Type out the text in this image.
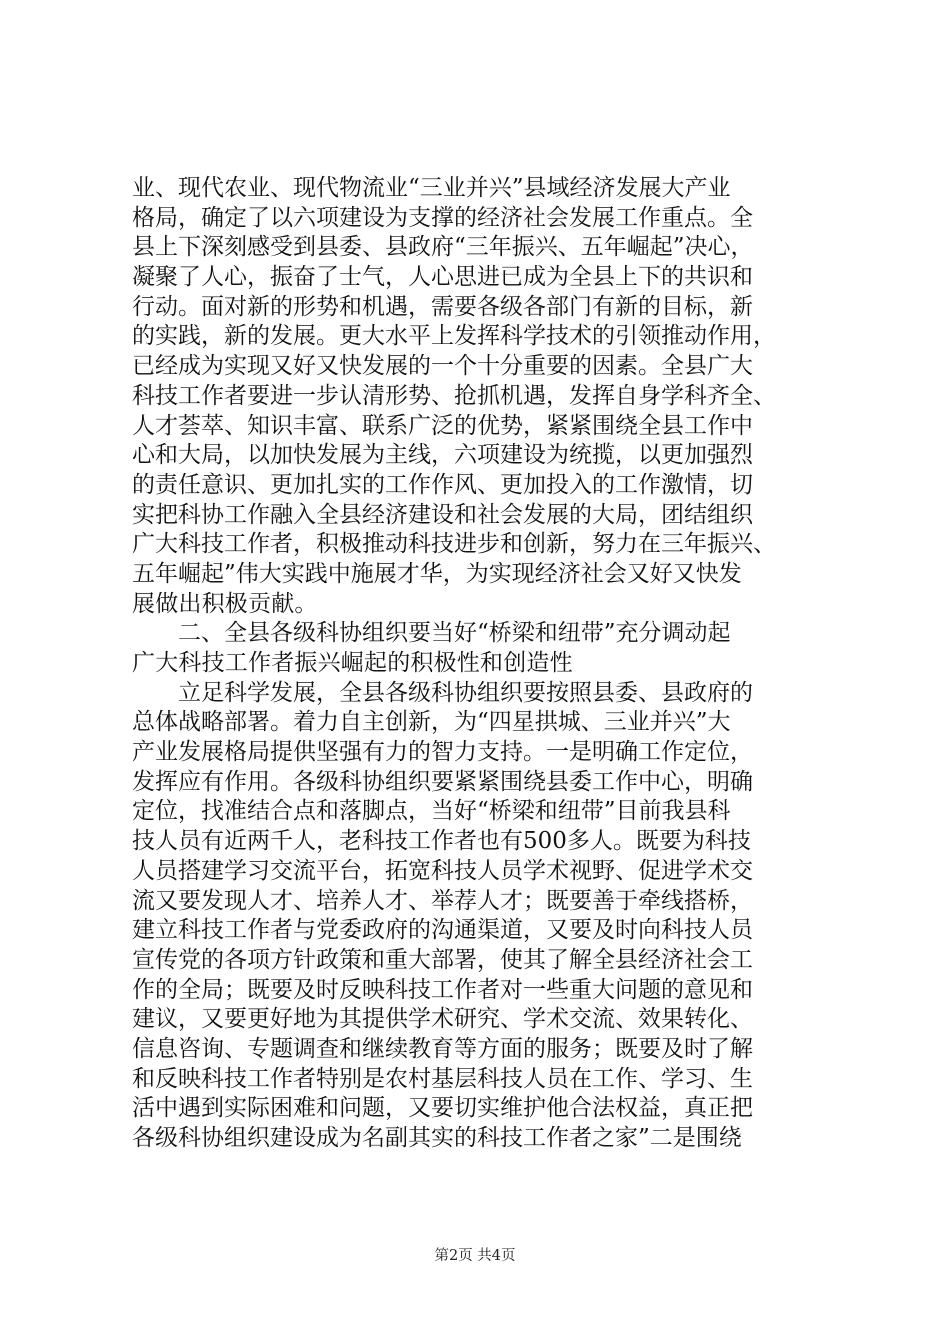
业、现代农业、现代物流业“三业并兴”县域经济发展大产业
格局，确定了以六项建设为支撑的经济社会发展工作重点。全
县上下深刻感受到县委、县政府“三年振兴、五年崛起”决心，
凝聚了人心，振奋了士气，人心思进已成为全县上下的共识和
行动。面对新的形势和机遇，需要各级各部门有新的目标，新
的实践，新的发展。更大水平上发挥科学技术的引领推动作用，
已经成为实现又好又快发展的一个十分重要的因素。全县广大
科技工作者要进一步认清形势、抢抓机遇，发挥自身学科齐全、
人才荟萃、知识丰富、联系广泛的优势，紧紧围绕全县工作中
心和大局，以加快发展为主线，六项建设为统揽，以更加强烈
的责任意识、更加扎实的工作作风、更加投入的工作激情，切
实把科协工作融入全县经济建设和社会发展的大局，团结组织
广大科技工作者，积极推动科技进步和创新，努力在三年振兴、
五年崛起”伟大实践中施展才华，为实现经济社会又好又快发
展做出积极贡献。
　　二、全县各级科协组织要当好“桥梁和纽带”充分调动起
广大科技工作者振兴崛起的积极性和创造性
　　立足科学发展，全县各级科协组织要按照县委、县政府的
总体战略部署。着力自主创新，为“四星拱城、三业并兴”大
产业发展格局提供坚强有力的智力支持。一是明确工作定位，
发挥应有作用。各级科协组织要紧紧围绕县委工作中心，明确
定位，找准结合点和落脚点，当好“桥梁和纽带”目前我县科
技人员有近两千人，老科技工作者也有500多人。既要为科技
人员搭建学习交流平台，拓宽科技人员学术视野、促进学术交
流又要发现人才、培养人才、举荐人才；既要善于牵线搭桥，
建立科技工作者与党委政府的沟通渠道，又要及时向科技人员
宣传党的各项方针政策和重大部署，使其了解全县经济社会工
作的全局；既要及时反映科技工作者对一些重大问题的意见和
建议，又要更好地为其提供学术研究、学术交流、效果转化、
信息咨询、专题调查和继续教育等方面的服务；既要及时了解
和反映科技工作者特别是农村基层科技人员在工作、学习、生
活中遇到实际困难和问题，又要切实维护他合法权益，真正把
各级科协组织建设成为名副其实的科技工作者之家”二是围绕
第2页 共4页
